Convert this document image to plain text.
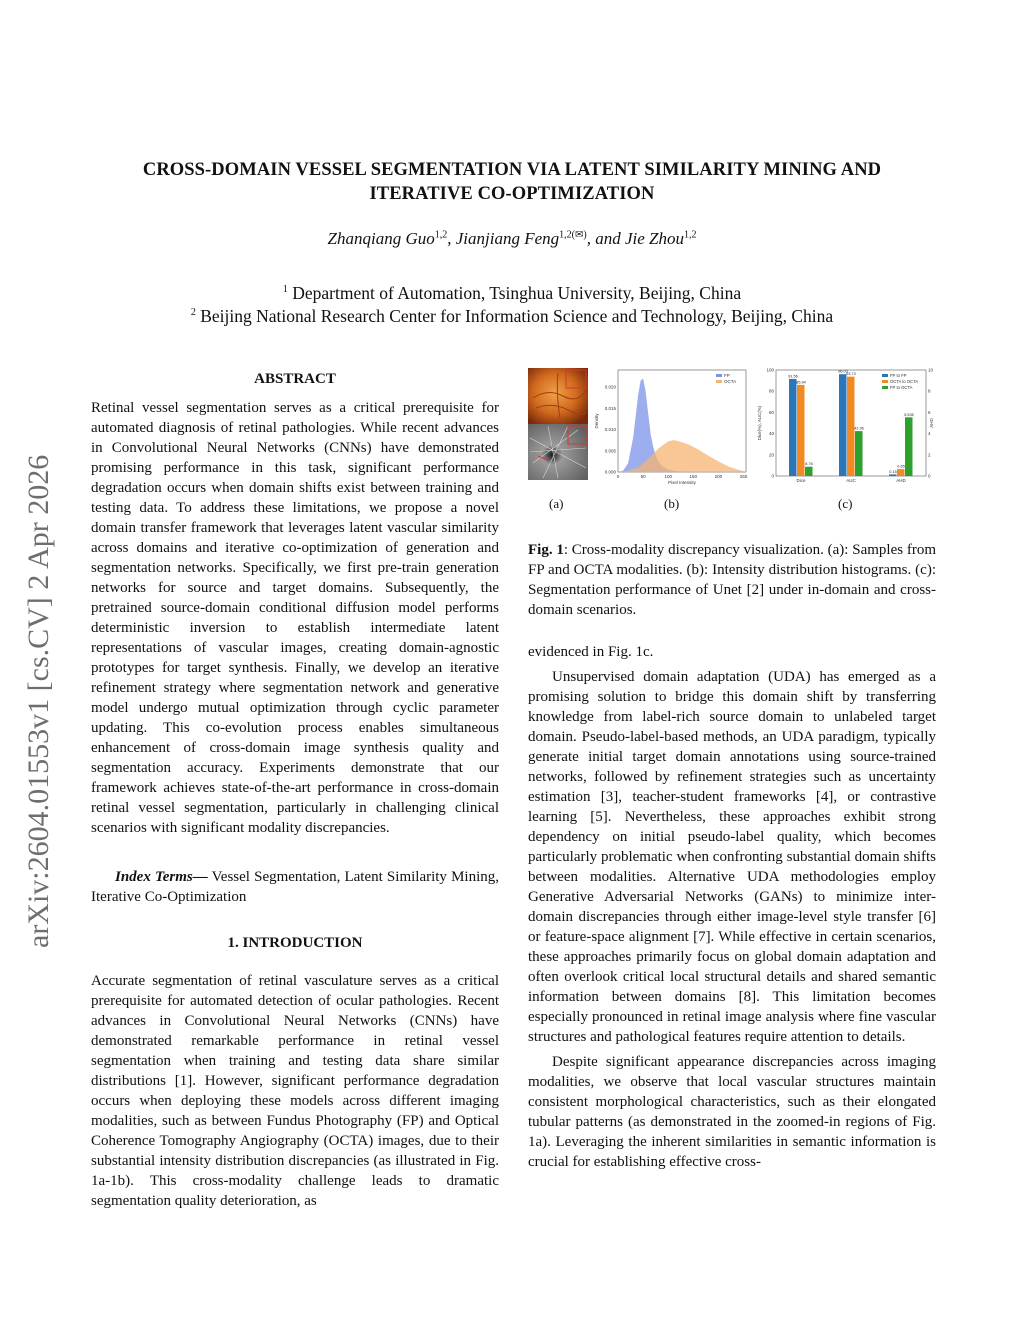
arXiv:2604.01553v1 [cs.CV] 2 Apr 2026
CROSS-DOMAIN VESSEL SEGMENTATION VIA LATENT SIMILARITY MINING AND
ITERATIVE CO-OPTIMIZATION
Zhanqiang Guo$^{1,2}$, Jianjiang Feng$^{1,2(✉)}$, and Jie Zhou$^{1,2}$
$^1$ Department of Automation, Tsinghua University, Beijing, China
$^2$ Beijing National Research Center for Information Science and Technology, Beijing, China
ABSTRACT

Retinal vessel segmentation serves as a critical prerequisite for automated diagnosis of retinal pathologies. While recent advances in Convolutional Neural Networks (CNNs) have demonstrated promising performance in this task, significant performance degradation occurs when domain shifts exist between training and testing data. To address these limitations, we propose a novel domain transfer framework that leverages latent vascular similarity across domains and iterative co-optimization of generation and segmentation networks. Specifically, we first pre-train generation networks for source and target domains. Subsequently, the pretrained source-domain conditional diffusion model performs deterministic inversion to establish intermediate latent representations of vascular images, creating domain-agnostic prototypes for target synthesis. Finally, we develop an iterative refinement strategy where segmentation network and generative model undergo mutual optimization through cyclic parameter updating. This co-evolution process enables simultaneous enhancement of cross-domain image synthesis quality and segmentation accuracy. Experiments demonstrate that our framework achieves state-of-the-art performance in cross-domain retinal vessel segmentation, particularly in challenging clinical scenarios with significant modality discrepancies.

Index Terms— Vessel Segmentation, Latent Similarity Mining, Iterative Co-Optimization

1. INTRODUCTION

Accurate segmentation of retinal vasculature serves as a critical prerequisite for automated detection of ocular pathologies. Recent advances in Convolutional Neural Networks (CNNs) have demonstrated remarkable performance in retinal vessel segmentation when training and testing data share similar distributions [1]. However, significant performance degradation occurs when deploying these models across different imaging modalities, such as between Fundus Photography (FP) and Optical Coherence Tomography Angiography (OCTA) images, due to their substantial intensity distribution discrepancies (as illustrated in Fig. 1a-1b). This cross-modality challenge leads to dramatic segmentation quality deterioration, as

0	50	100	150	200	250
0.000
0.005
0.010
0.015
0.020
Pixel Intensity
Density
FP
OCTA
91.56
85.94
8.76
Dice
96.03
93.73
42.36
AUC
0.15
0.65
5.535
AHD
0
20
40
60
80
100
0
2
4
6
8
10
Dice(%), AUC(%)	AHD
FP to FP
OCTA to OCTA
FP to OCTA
(a)	(b)	(c)
Fig. 1: Cross-modality discrepancy visualization. (a): Samples from FP and OCTA modalities. (b): Intensity distribution histograms. (c): Segmentation performance of Unet [2] under in-domain and cross-domain scenarios.

evidenced in Fig. 1c.

Unsupervised domain adaptation (UDA) has emerged as a promising solution to bridge this domain shift by transferring knowledge from label-rich source domain to unlabeled target domain. Pseudo-label-based methods, an UDA paradigm, typically generate initial target domain annotations using source-trained networks, followed by refinement strategies such as uncertainty estimation [3], teacher-student frameworks [4], or contrastive learning [5]. Nevertheless, these approaches exhibit strong dependency on initial pseudo-label quality, which becomes particularly problematic when confronting substantial domain shifts between modalities. Alternative UDA methodologies employ Generative Adversarial Networks (GANs) to minimize inter-domain discrepancies through either image-level style transfer [6] or feature-space alignment [7]. While effective in certain scenarios, these approaches primarily focus on global domain adaptation and often overlook critical local structural details and shared semantic information between domains [8]. This limitation becomes especially pronounced in retinal image analysis where fine vascular structures and pathological features require attention to details.

Despite significant appearance discrepancies across imaging modalities, we observe that local vascular structures maintain consistent morphological characteristics, such as their elongated tubular patterns (as demonstrated in the zoomed-in regions of Fig. 1a). Leveraging the inherent similarities in semantic information is crucial for establishing effective cross-
